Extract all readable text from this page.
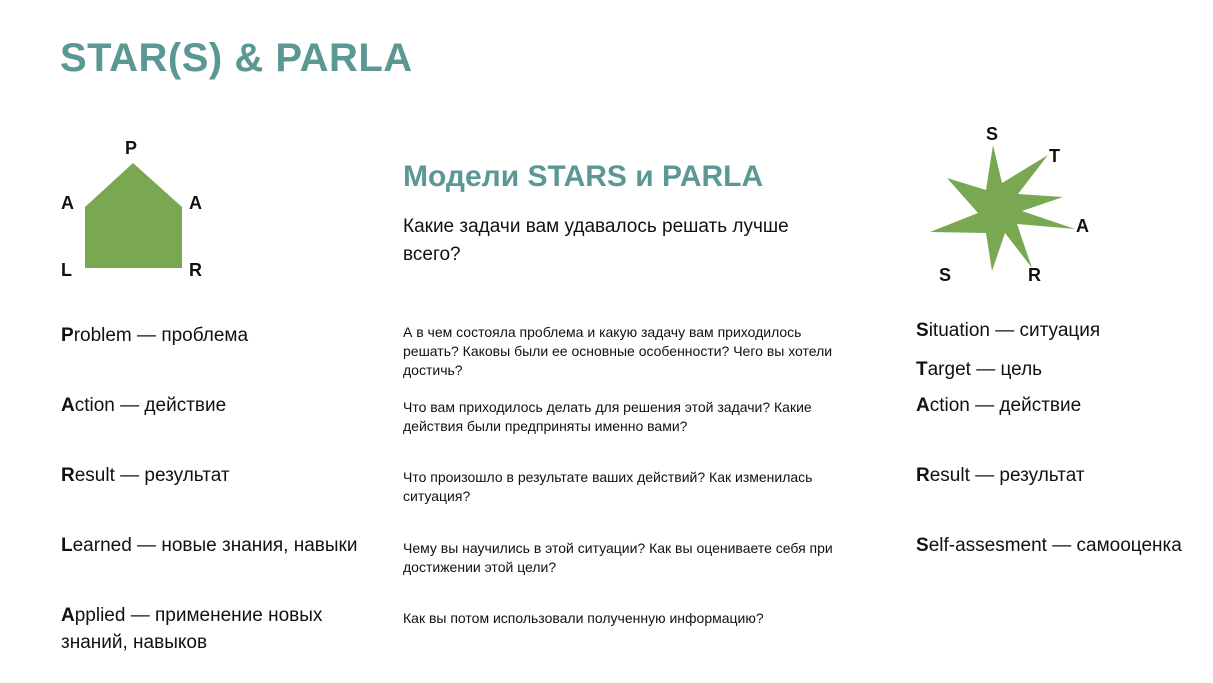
STAR(S) & PARLA
P
A	A
L	R
Модели STARS и PARLA
Какие задачи вам удавалось решать лучше всего?
S
T
A
R
S
Problem — проблема
Action — действие
Result — результат
Learned — новые знания, навыки
Applied — применение новых знаний, навыков
А в чем состояла проблема и какую задачу вам приходилось решать? Каковы были ее основные особенности? Чего вы хотели достичь?
Что вам приходилось делать для решения этой задачи? Какие действия были предприняты именно вами?
Что произошло в результате ваших действий? Как изменилась ситуация?
Чему вы научились в этой ситуации? Как вы оцениваете себя при достижении этой цели?
Как вы потом использовали полученную информацию?
Situation — ситуация
Target — цель
Action — действие
Result — результат
Self-assesment — самооценка
